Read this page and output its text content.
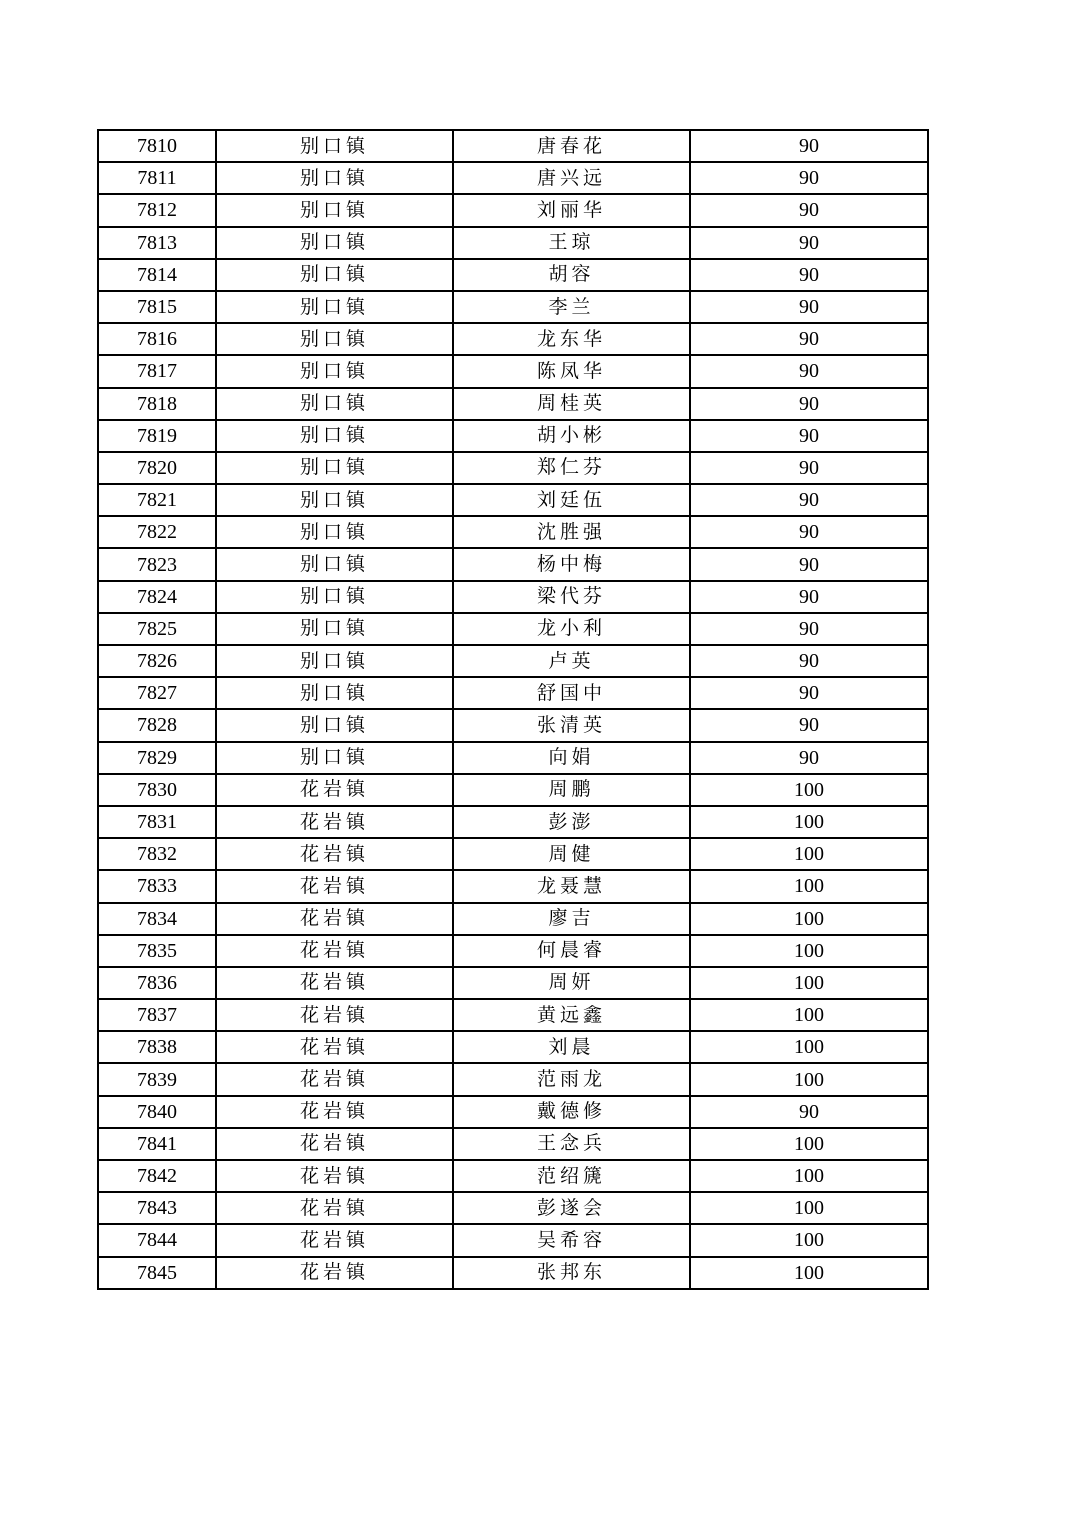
7810	别口镇	唐春花	90
7811	别口镇	唐兴远	90
7812	别口镇	刘丽华	90
7813	别口镇	王琼	90
7814	别口镇	胡容	90
7815	别口镇	李兰	90
7816	别口镇	龙东华	90
7817	别口镇	陈凤华	90
7818	别口镇	周桂英	90
7819	别口镇	胡小彬	90
7820	别口镇	郑仁芬	90
7821	别口镇	刘廷伍	90
7822	别口镇	沈胜强	90
7823	别口镇	杨中梅	90
7824	别口镇	梁代芬	90
7825	别口镇	龙小利	90
7826	别口镇	卢英	90
7827	别口镇	舒国中	90
7828	别口镇	张清英	90
7829	别口镇	向娟	90
7830	花岩镇	周鹏	100
7831	花岩镇	彭澎	100
7832	花岩镇	周健	100
7833	花岩镇	龙聂慧	100
7834	花岩镇	廖吉	100
7835	花岩镇	何晨睿	100
7836	花岩镇	周妍	100
7837	花岩镇	黄远鑫	100
7838	花岩镇	刘晨	100
7839	花岩镇	范雨龙	100
7840	花岩镇	戴德修	90
7841	花岩镇	王念兵	100
7842	花岩镇	范绍篪	100
7843	花岩镇	彭遂会	100
7844	花岩镇	吴希容	100
7845	花岩镇	张邦东	100
